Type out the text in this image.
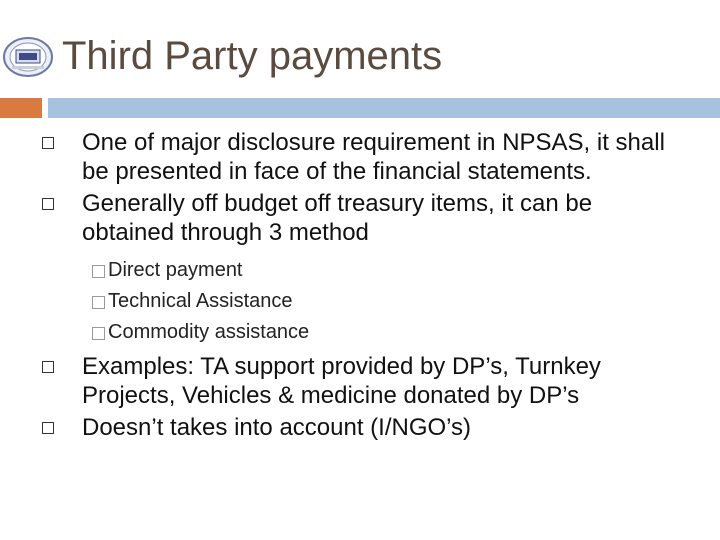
Third Party payments
One of major disclosure requirement in NPSAS, it shall be presented in face of the financial statements.
Generally off budget off treasury items, it can be obtained through 3 method
Direct payment
Technical Assistance
Commodity assistance
Examples: TA support provided by DP’s, Turnkey Projects, Vehicles & medicine donated by DP’s
Doesn’t takes into account (I/NGO’s)
